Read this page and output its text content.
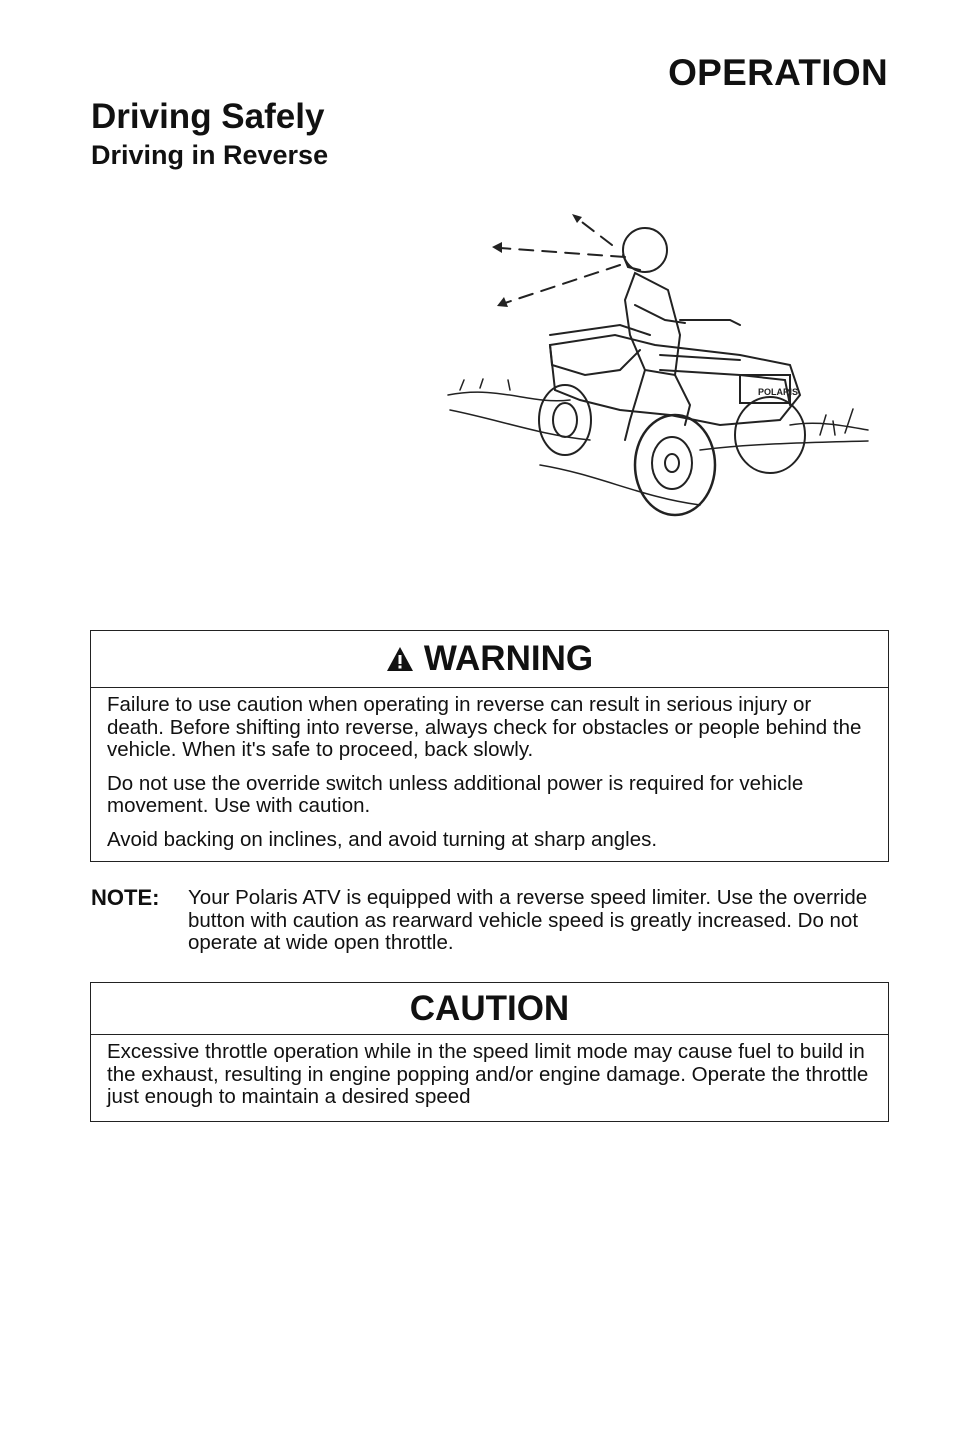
OPERATION
Driving Safely
Driving in Reverse
POLARIS
WARNING

Failure to use caution when operating in reverse can result in serious injury or death. Before shifting into reverse, always check for obstacles or people behind the vehicle. When it's safe to proceed, back slowly.

Do not use the override switch unless additional power is required for vehicle movement. Use with caution.

Avoid backing on inclines, and avoid turning at sharp angles.

NOTE: Your Polaris ATV is equipped with a reverse speed limiter. Use the override button with caution as rearward vehicle speed is greatly increased. Do not operate at wide open throttle.
CAUTION

Excessive throttle operation while in the speed limit mode may cause fuel to build in the exhaust, resulting in engine popping and/or engine damage. Operate the throttle just enough to maintain a desired speed
